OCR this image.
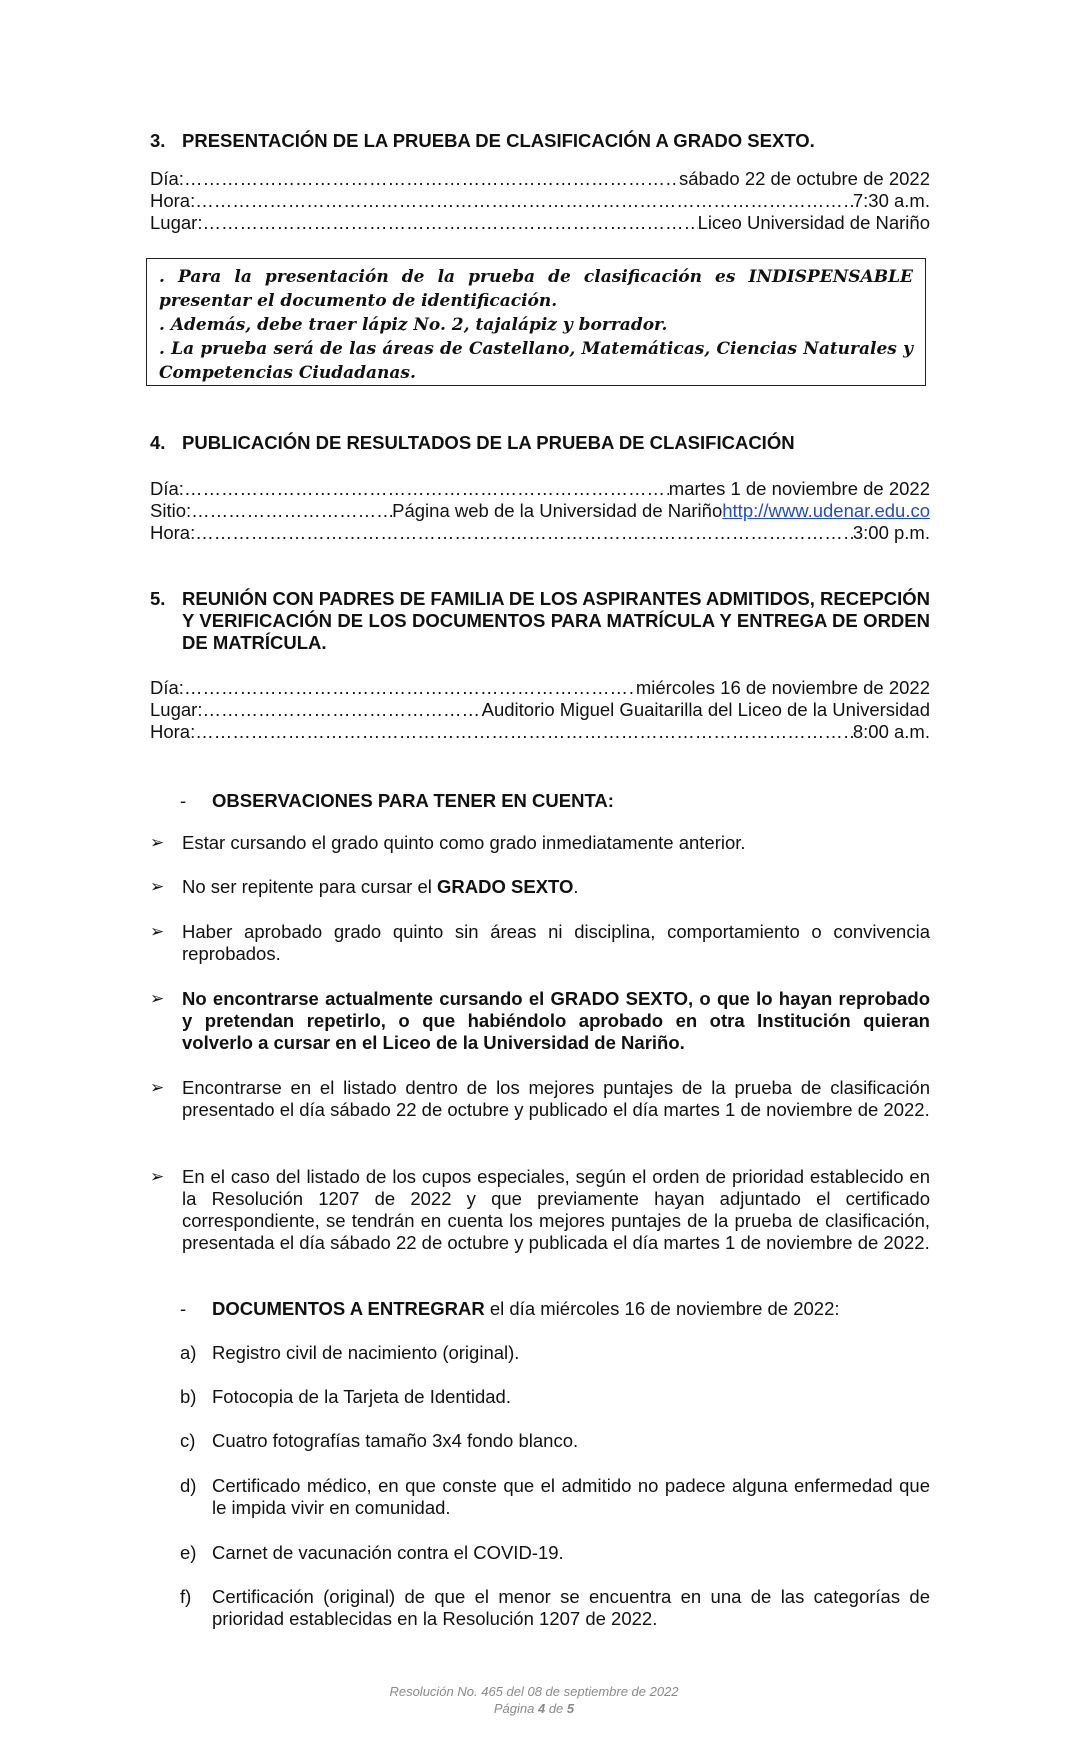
3. PRESENTACIÓN DE LA PRUEBA DE CLASIFICACIÓN A GRADO SEXTO.
Día: ……………………………………………………………………………………………………………………………………………………………	sábado 22 de octubre de 2022
Hora: ……………………………………………………………………………………………………………………………………………………………	7:30 a.m.
Lugar: ……………………………………………………………………………………………………………………………………………………………	Liceo Universidad de Nariño

. Para la presentación de la prueba de clasificación es INDISPENSABLE presentar el documento de identificación.

. Además, debe traer lápiz No. 2, tajalápiz y borrador.

. La prueba será de las áreas de Castellano, Matemáticas, Ciencias Naturales y Competencias Ciudadanas.

4. PUBLICACIÓN DE RESULTADOS DE LA PRUEBA DE CLASIFICACIÓN
Día: ……………………………………………………………………………………………………………………………………………………………	martes 1 de noviembre de 2022
Sitio: ……………………………………………………………………………………………………………………………………………………………	Página web de la Universidad de Nariño http://www.udenar.edu.co
Hora: ……………………………………………………………………………………………………………………………………………………………	3:00 p.m.
5. REUNIÓN CON PADRES DE FAMILIA DE LOS ASPIRANTES ADMITIDOS, RECEPCIÓN Y VERIFICACIÓN DE LOS DOCUMENTOS PARA MATRÍCULA Y ENTREGA DE ORDEN DE MATRÍCULA.
Día: ……………………………………………………………………………………………………………………………………………………………	miércoles 16 de noviembre de 2022
Lugar: ……………………………………………………………………………………………………………………………………………………………	Auditorio Miguel Guaitarilla del Liceo de la Universidad
Hora: ……………………………………………………………………………………………………………………………………………………………	8:00 a.m.
- OBSERVACIONES PARA TENER EN CUENTA:
➢ Estar cursando el grado quinto como grado inmediatamente anterior.
➢ No ser repitente para cursar el GRADO SEXTO.
➢ Haber aprobado grado quinto sin áreas ni disciplina, comportamiento o convivencia reprobados.
➢ No encontrarse actualmente cursando el GRADO SEXTO, o que lo hayan reprobado y pretendan repetirlo, o que habiéndolo aprobado en otra Institución quieran volverlo a cursar en el Liceo de la Universidad de Nariño.
➢ Encontrarse en el listado dentro de los mejores puntajes de la prueba de clasificación presentado el día sábado 22 de octubre y publicado el día martes 1 de noviembre de 2022.
➢ En el caso del listado de los cupos especiales, según el orden de prioridad establecido en la Resolución 1207 de 2022 y que previamente hayan adjuntado el certificado correspondiente, se tendrán en cuenta los mejores puntajes de la prueba de clasificación, presentada el día sábado 22 de octubre y publicada el día martes 1 de noviembre de 2022.
- DOCUMENTOS A ENTREGRAR el día miércoles 16 de noviembre de 2022:
a) Registro civil de nacimiento (original).
b) Fotocopia de la Tarjeta de Identidad.
c) Cuatro fotografías tamaño 3x4 fondo blanco.
d) Certificado médico, en que conste que el admitido no padece alguna enfermedad que le impida vivir en comunidad.
e) Carnet de vacunación contra el COVID-19.
f) Certificación (original) de que el menor se encuentra en una de las categorías de prioridad establecidas en la Resolución 1207 de 2022.
Resolución No. 465 del 08 de septiembre de 2022
Página 4 de 5
